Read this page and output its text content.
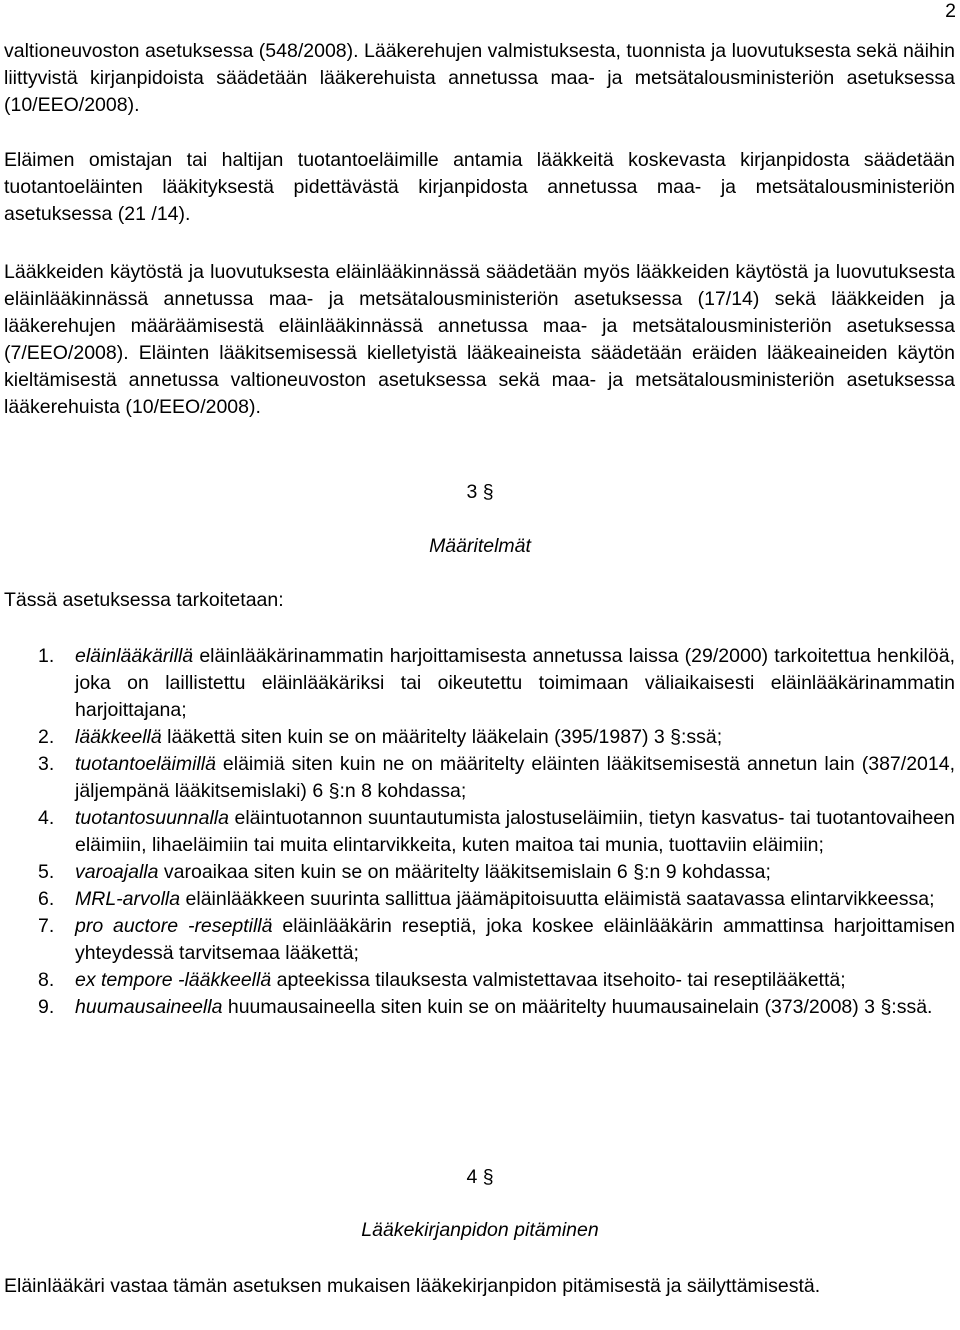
2

valtioneuvoston asetuksessa (548/2008). Lääkerehujen valmistuksesta, tuonnista ja luovutuksesta sekä näihin liittyvistä kirjanpidoista säädetään lääkerehuista annetussa maa- ja metsätalousministeriön asetuksessa (10/EEO/2008).

Eläimen omistajan tai haltijan tuotantoeläimille antamia lääkkeitä koskevasta kirjanpidosta säädetään tuotantoeläinten lääkityksestä pidettävästä kirjanpidosta annetussa maa- ja metsätalousministeriön asetuksessa (21 /14).

Lääkkeiden käytöstä ja luovutuksesta eläinlääkinnässä säädetään myös lääkkeiden käytöstä ja luovutuksesta eläinlääkinnässä annetussa maa- ja metsätalousministeriön asetuksessa (17/14) sekä lääkkeiden ja lääkerehujen määräämisestä eläinlääkinnässä annetussa maa- ja metsätalousministeriön asetuksessa (7/EEO/2008). Eläinten lääkitsemisessä kielletyistä lääkeaineista säädetään eräiden lääkeaineiden käytön kieltämisestä annetussa valtioneuvoston asetuksessa sekä maa- ja metsätalousministeriön asetuksessa lääkerehuista (10/EEO/2008).

3 §
Määritelmät

Tässä asetuksessa tarkoitetaan:

1. eläinlääkärillä eläinlääkärinammatin harjoittamisesta annetussa laissa (29/2000) tarkoitettua henkilöä, joka on laillistettu eläinlääkäriksi tai oikeutettu toimimaan väliaikaisesti eläinlääkärinammatin harjoittajana;
2. lääkkeellä lääkettä siten kuin se on määritelty lääkelain (395/1987) 3 §:ssä;
3. tuotantoeläimillä eläimiä siten kuin ne on määritelty eläinten lääkitsemisestä annetun lain (387/2014, jäljempänä lääkitsemislaki) 6 §:n 8 kohdassa;
4. tuotantosuunnalla eläintuotannon suuntautumista jalostuseläimiin, tietyn kasvatus- tai tuotantovaiheen eläimiin, lihaeläimiin tai muita elintarvikkeita, kuten maitoa tai munia, tuottaviin eläimiin;
5. varoajalla varoaikaa siten kuin se on määritelty lääkitsemislain 6 §:n 9 kohdassa;
6. MRL-arvolla eläinlääkkeen suurinta sallittua jäämäpitoisuutta eläimistä saatavassa elintarvikkeessa;
7. pro auctore -reseptillä eläinlääkärin reseptiä, joka koskee eläinlääkärin ammattinsa harjoittamisen yhteydessä tarvitsemaa lääkettä;
8. ex tempore -lääkkeellä apteekissa tilauksesta valmistettavaa itsehoito- tai reseptilääkettä;
9. huumausaineella huumausaineella siten kuin se on määritelty huumausainelain (373/2008) 3 §:ssä.
4 §
Lääkekirjanpidon pitäminen

Eläinlääkäri vastaa tämän asetuksen mukaisen lääkekirjanpidon pitämisestä ja säilyttämisestä.
